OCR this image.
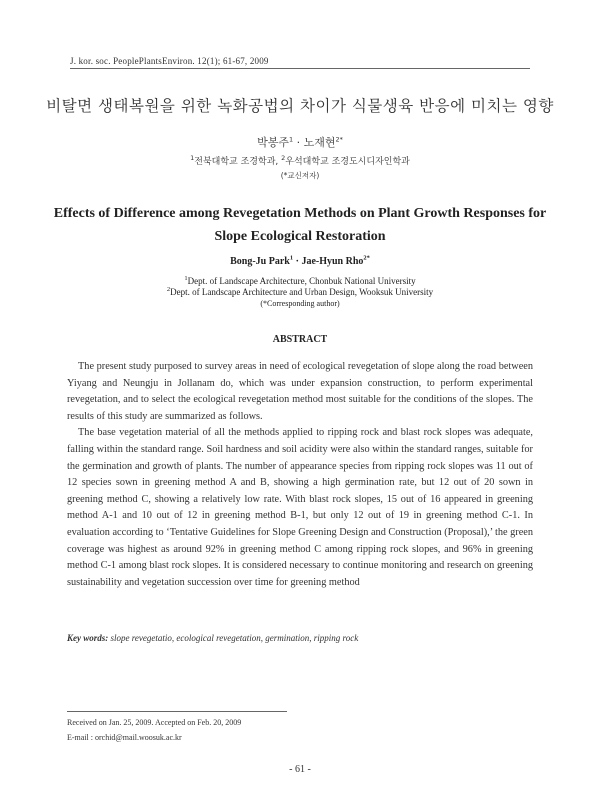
J. kor. soc. PeoplePlantsEnviron. 12(1); 61-67, 2009
비탈면 생태복원을 위한 녹화공법의 차이가 식물생육 반응에 미치는 영향
박봉주$^1$ · 노재현$^{2*}$
$^1$전북대학교 조경학과, $^2$우석대학교 조경도시디자인학과
(*교신저자)
Effects of Difference among Revegetation Methods on Plant Growth Responses for
Slope Ecological Restoration
Bong-Ju Park$^1$ · Jae-Hyun Rho$^{2*}$
$^1$Dept. of Landscape Architecture, Chonbuk National University
$^2$Dept. of Landscape Architecture and Urban Design, Wooksuk University
(*Corresponding author)
ABSTRACT

The present study purposed to survey areas in need of ecological revegetation of slope along the road between Yiyang and Neungju in Jollanam do, which was under expansion construction, to perform experimental revegetation, and to select the ecological revegetation method most suitable for the conditions of the slopes. The results of this study are summarized as follows.

The base vegetation material of all the methods applied to ripping rock and blast rock slopes was adequate, falling within the standard range. Soil hardness and soil acidity were also within the standard ranges, suitable for the germination and growth of plants. The number of appearance species from ripping rock slopes was 11 out of 12 species sown in greening method A and B, showing a high germination rate, but 12 out of 20 sown in greening method C, showing a relatively low rate. With blast rock slopes, 15 out of 16 appeared in greening method A-1 and 10 out of 12 in greening method B-1, but only 12 out of 19 in greening method C-1. In evaluation according to ‘Tentative Guidelines for Slope Greening Design and Construction (Proposal),’ the green coverage was highest as around 92% in greening method C among ripping rock slopes, and 96% in greening method C-1 among blast rock slopes. It is considered necessary to continue monitoring and research on greening sustainability and vegetation succession over time for greening method

Key words: slope revegetatio, ecological revegetation, germination, ripping rock
Received on Jan. 25, 2009. Accepted on Feb. 20, 2009
E-mail : orchid@mail.woosuk.ac.kr
- 61 -
